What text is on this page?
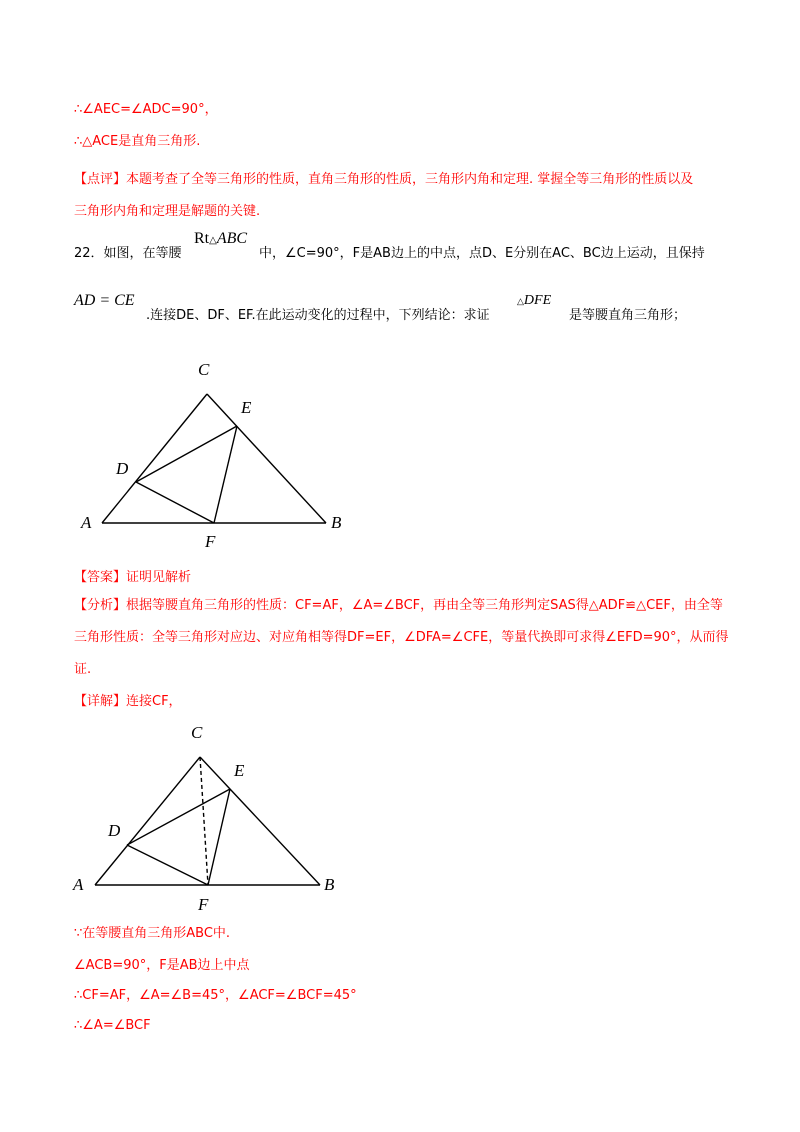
∴∠AEC=∠ADC=90°，
∴△ACE是直角三角形.
【点评】本题考查了全等三角形的性质，直角三角形的性质，三角形内角和定理. 掌握全等三角形的性质以及
三角形内角和定理是解题的关键.
22．如图，在等腰
Rt△ABC
中，∠C=90°，F是AB边上的中点，点D、E分别在AC、BC边上运动，且保持
AD = CE
.连接DE、DF、EF.在此运动变化的过程中，下列结论：求证
△DFE
是等腰直角三角形；
C
E
D
A
F
B
【答案】证明见解析
【分析】根据等腰直角三角形的性质：CF=AF，∠A=∠BCF，再由全等三角形判定SAS得△ADF≌△CEF，由全等
三角形性质：全等三角形对应边、对应角相等得DF=EF，∠DFA=∠CFE，等量代换即可求得∠EFD=90°，从而得
证.
【详解】连接CF，
C
E
D
A
F
B
∵在等腰直角三角形ABC中.
∠ACB=90°，F是AB边上中点
∴CF=AF，∠A=∠B=45°，∠ACF=∠BCF=45°
∴∠A=∠BCF
